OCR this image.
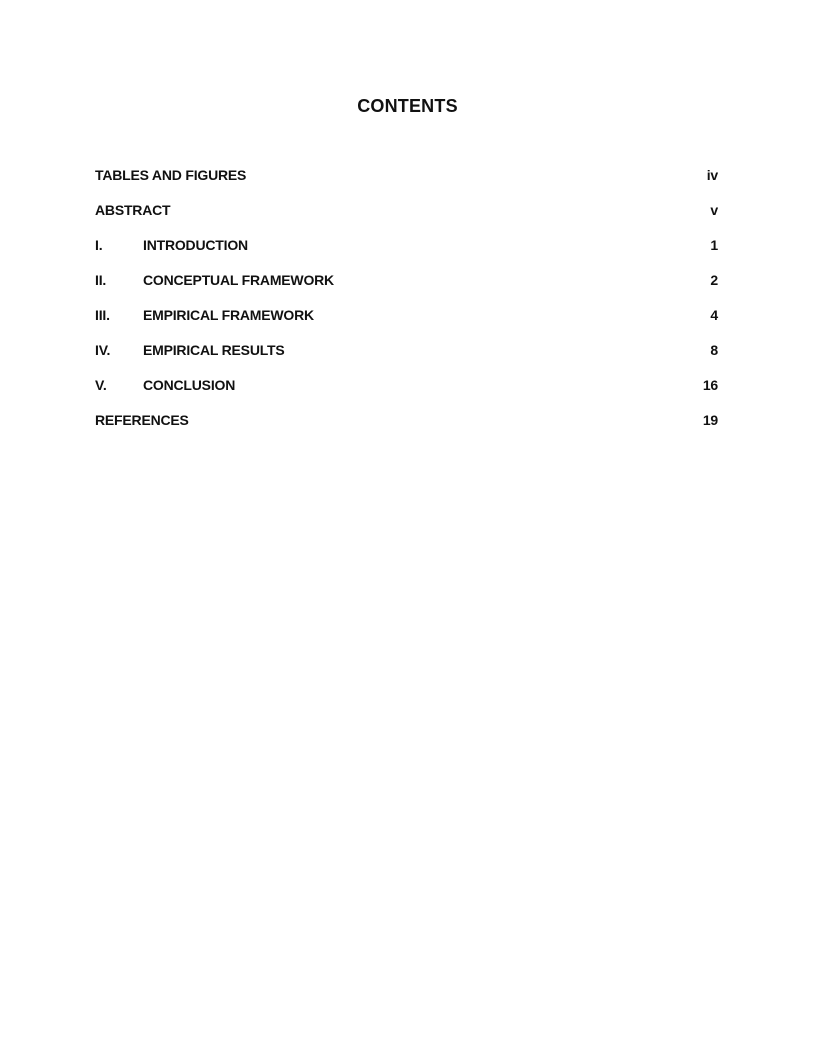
CONTENTS
TABLES AND FIGURES	iv
ABSTRACT	v
I.	INTRODUCTION	1
II.	CONCEPTUAL FRAMEWORK	2
III. EMPIRICAL FRAMEWORK	4
IV. EMPIRICAL RESULTS	8
V.	CONCLUSION	16
REFERENCES	19
